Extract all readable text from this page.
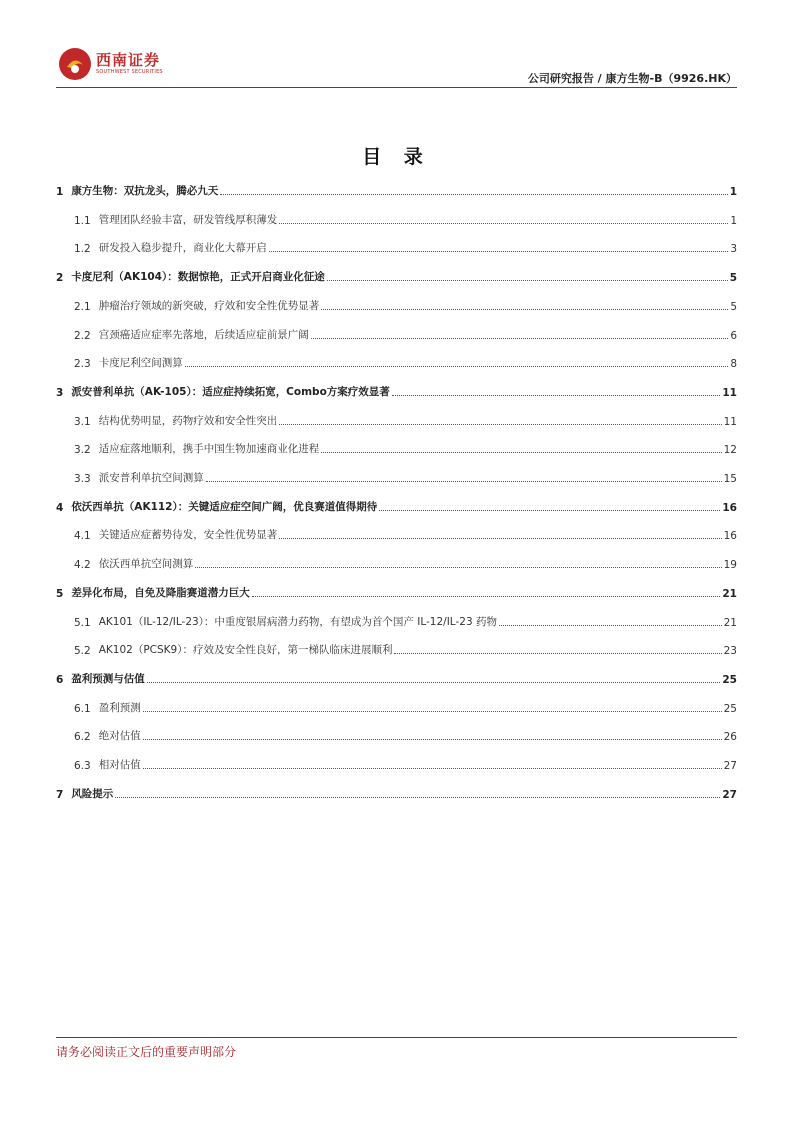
西南证券
SOUTHWEST SECURITIES	公司研究报告 / 康方生物-B（9926.HK）
目 录
1 康方生物：双抗龙头，腾必九天	1
1.1 管理团队经验丰富，研发管线厚积薄发	1
1.2 研发投入稳步提升，商业化大幕开启	3
2 卡度尼利（AK104）：数据惊艳，正式开启商业化征途	5
2.1 肿瘤治疗领域的新突破，疗效和安全性优势显著	5
2.2 宫颈癌适应症率先落地，后续适应症前景广阔	6
2.3 卡度尼利空间测算	8
3 派安普利单抗（AK-105）：适应症持续拓宽，Combo方案疗效显著	11
3.1 结构优势明显，药物疗效和安全性突出	11
3.2 适应症落地顺利，携手中国生物加速商业化进程	12
3.3 派安普利单抗空间测算	15
4 依沃西单抗（AK112）：关键适应症空间广阔，优良赛道值得期待	16
4.1 关键适应症蓄势待发，安全性优势显著	16
4.2 依沃西单抗空间测算	19
5 差异化布局，自免及降脂赛道潜力巨大	21
5.1 AK101（IL-12/IL-23）：中重度银屑病潜力药物，有望成为首个国产 IL-12/IL-23 药物	21
5.2 AK102（PCSK9）：疗效及安全性良好，第一梯队临床进展顺利	23
6 盈利预测与估值	25
6.1 盈利预测	25
6.2 绝对估值	26
6.3 相对估值	27
7 风险提示	27
请务必阅读正文后的重要声明部分
